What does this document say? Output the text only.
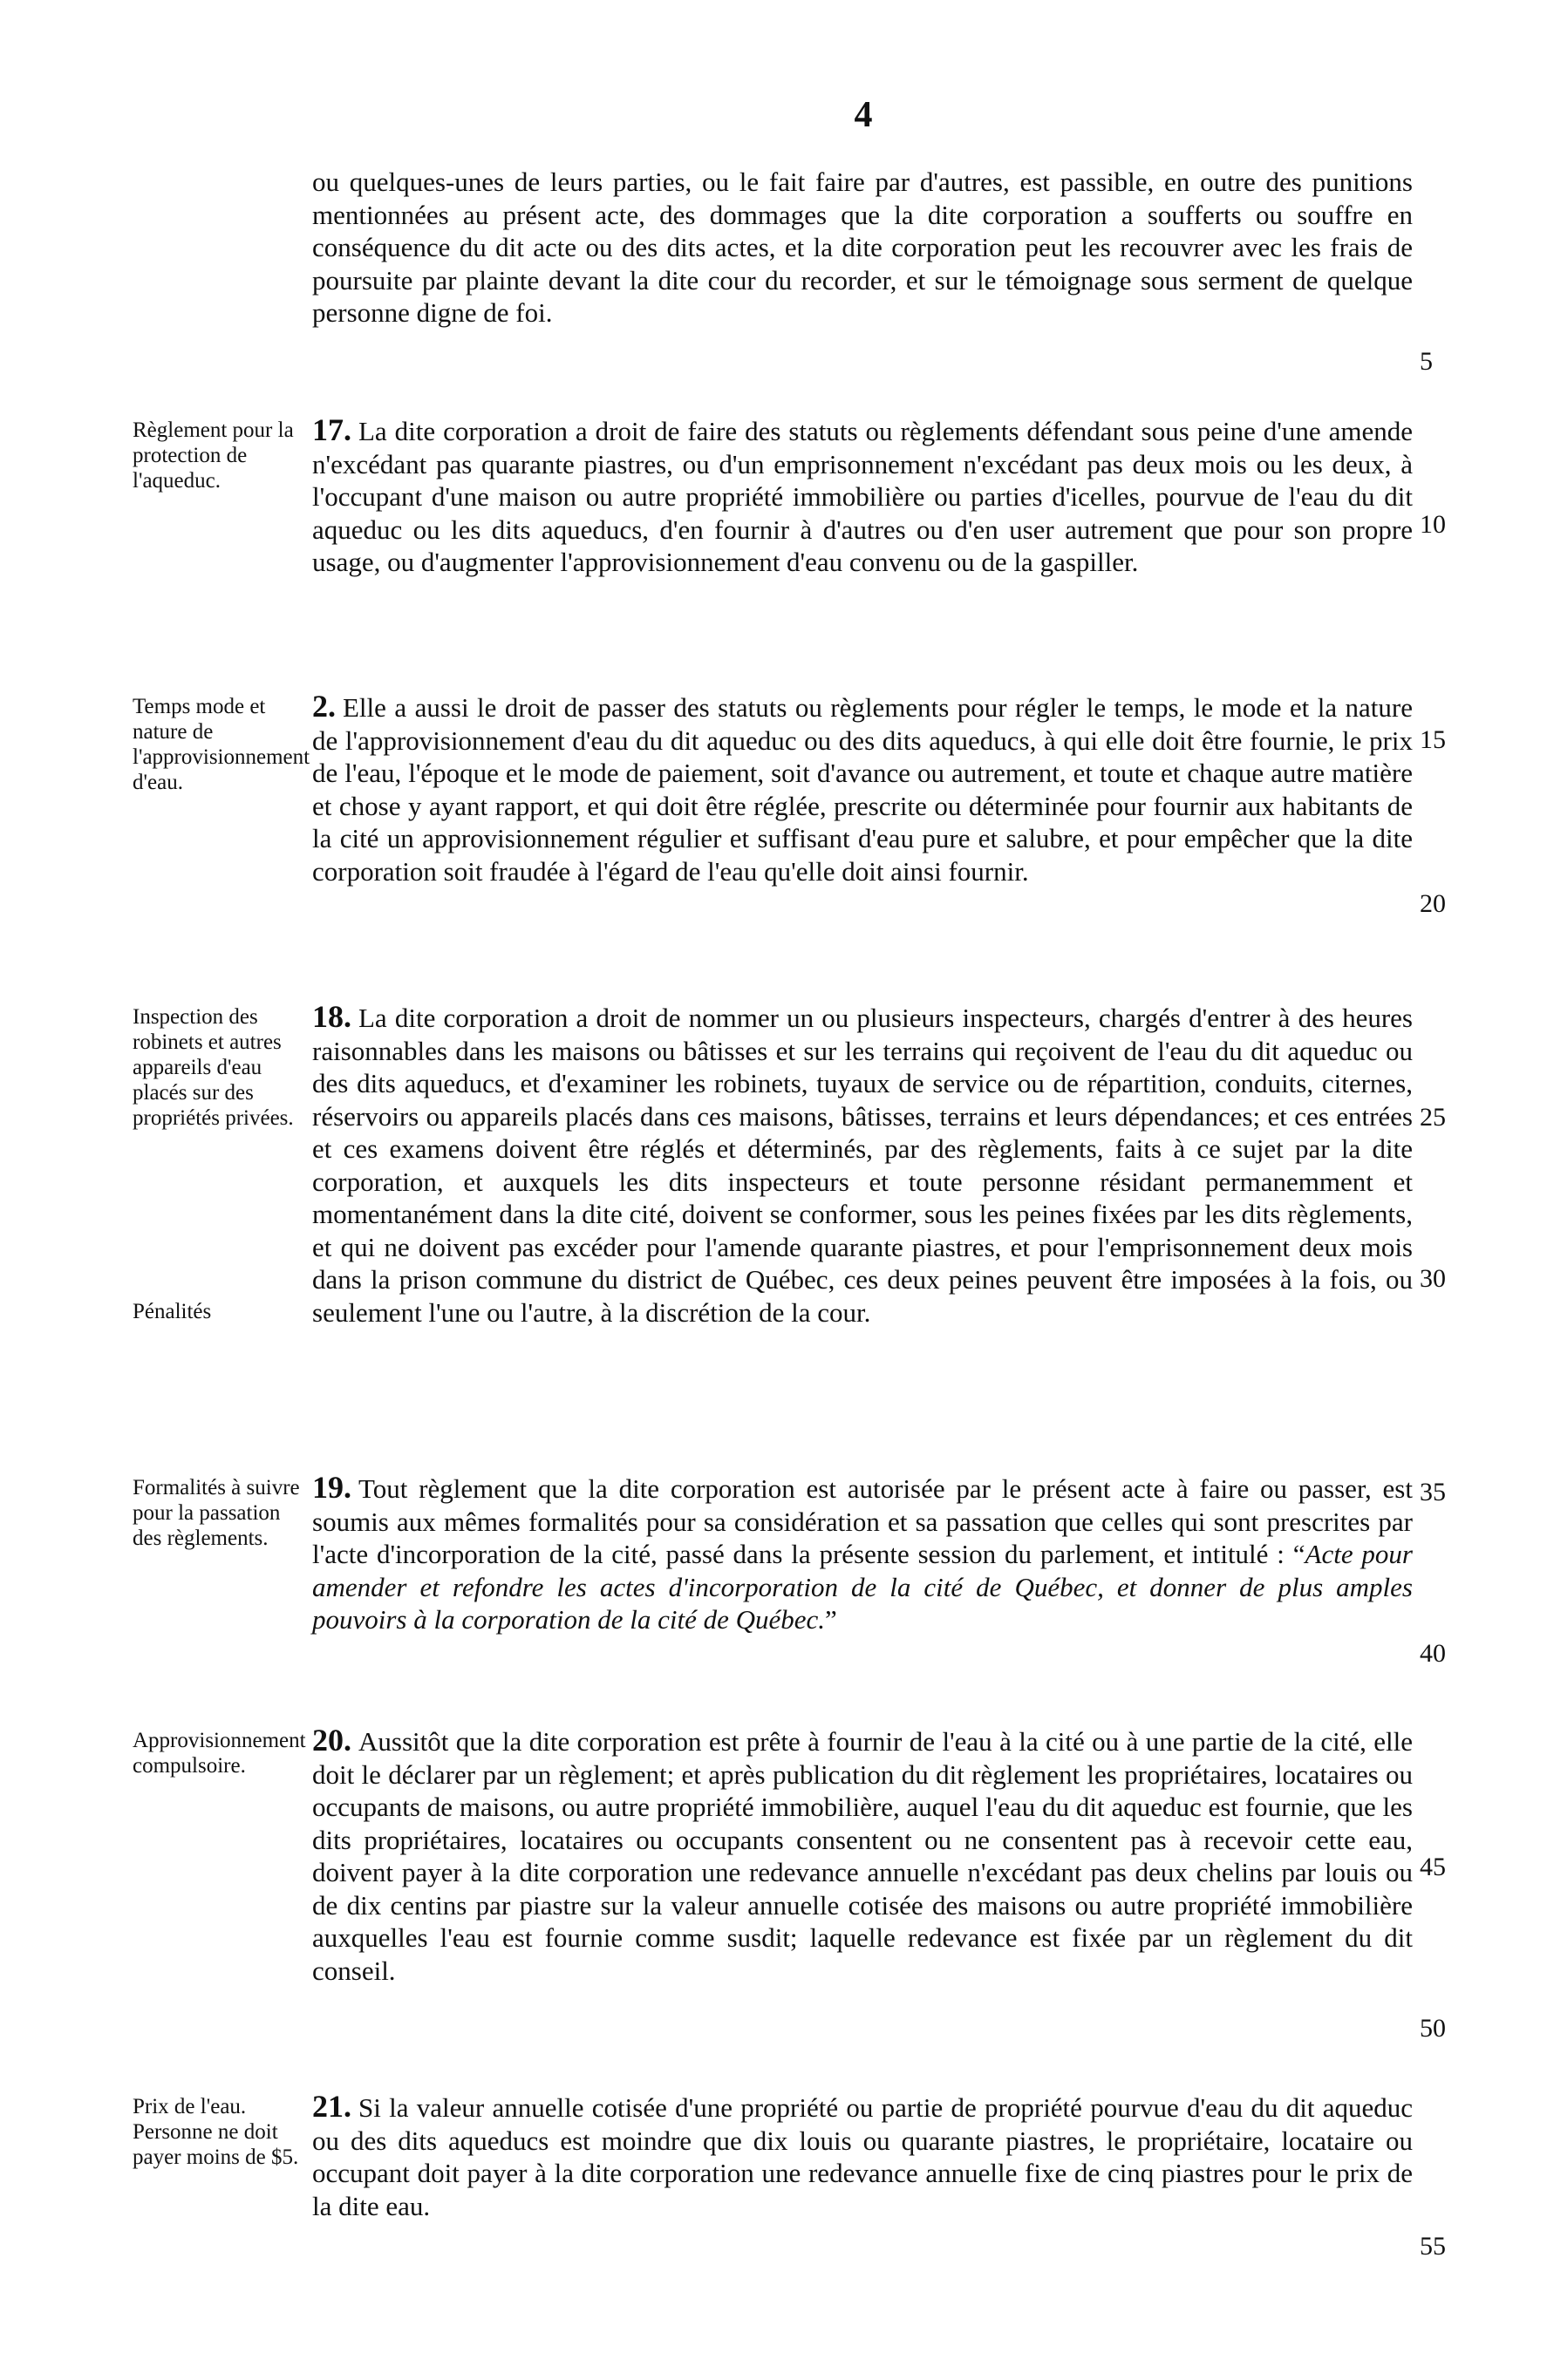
4
ou quelques-unes de leurs parties, ou le fait faire par d'autres, est passible, en outre des punitions mentionnées au présent acte, des dommages que la dite corporation a soufferts ou souffre en conséquence du dit acte ou des dits actes, et la dite corporation peut les recouvrer avec les frais de poursuite par plainte devant la dite cour du recorder, et sur le témoignage sous serment de quelque personne digne de foi.
Règlement pour la protection de l'aqueduc.
17. La dite corporation a droit de faire des statuts ou règlements défendant sous peine d'une amende n'excédant pas quarante piastres, ou d'un emprisonnement n'excédant pas deux mois ou les deux, à l'occupant d'une maison ou autre propriété immobilière ou parties d'icelles, pourvue de l'eau du dit aqueduc ou les dits aqueducs, d'en fournir à d'autres ou d'en user autrement que pour son propre usage, ou d'augmenter l'approvisionnement d'eau convenu ou de la gaspiller.
Temps mode et nature de l'approvisionnement d'eau.
2. Elle a aussi le droit de passer des statuts ou règlements pour régler le temps, le mode et la nature de l'approvisionnement d'eau du dit aqueduc ou des dits aqueducs, à qui elle doit être fournie, le prix de l'eau, l'époque et le mode de paiement, soit d'avance ou autrement, et toute et chaque autre matière et chose y ayant rapport, et qui doit être réglée, prescrite ou déterminée pour fournir aux habitants de la cité un approvisionnement régulier et suffisant d'eau pure et salubre, et pour empêcher que la dite corporation soit fraudée à l'égard de l'eau qu'elle doit ainsi fournir.
Inspection des robinets et autres appareils d'eau placés sur des propriétés privées.
Pénalités
18. La dite corporation a droit de nommer un ou plusieurs inspecteurs, chargés d'entrer à des heures raisonnables dans les maisons ou bâtisses et sur les terrains qui reçoivent de l'eau du dit aqueduc ou des dits aqueducs, et d'examiner les robinets, tuyaux de service ou de répartition, conduits, citernes, réservoirs ou appareils placés dans ces maisons, bâtisses, terrains et leurs dépendances; et ces entrées et ces examens doivent être réglés et déterminés, par des règlements, faits à ce sujet par la dite corporation, et auxquels les dits inspecteurs et toute personne résidant permanemment et momentanément dans la dite cité, doivent se conformer, sous les peines fixées par les dits règlements, et qui ne doivent pas excéder pour l'amende quarante piastres, et pour l'emprisonnement deux mois dans la prison commune du district de Québec, ces deux peines peuvent être imposées à la fois, ou seulement l'une ou l'autre, à la discrétion de la cour.
Formalités à suivre pour la passation des règlements.
19. Tout règlement que la dite corporation est autorisée par le présent acte à faire ou passer, est soumis aux mêmes formalités pour sa considération et sa passation que celles qui sont prescrites par l'acte d'incorporation de la cité, passé dans la présente session du parlement, et intitulé : “Acte pour amender et refondre les actes d'incorporation de la cité de Québec, et donner de plus amples pouvoirs à la corporation de la cité de Québec.”
Approvisionnement compulsoire.
20. Aussitôt que la dite corporation est prête à fournir de l'eau à la cité ou à une partie de la cité, elle doit le déclarer par un règlement; et après publication du dit règlement les propriétaires, locataires ou occupants de maisons, ou autre propriété immobilière, auquel l'eau du dit aqueduc est fournie, que les dits propriétaires, locataires ou occupants consentent ou ne consentent pas à recevoir cette eau, doivent payer à la dite corporation une redevance annuelle n'excédant pas deux chelins par louis ou de dix centins par piastre sur la valeur annuelle cotisée des maisons ou autre propriété immobilière auxquelles l'eau est fournie comme susdit; laquelle redevance est fixée par un règlement du dit conseil.
Prix de l'eau. Personne ne doit payer moins de $5.
21. Si la valeur annuelle cotisée d'une propriété ou partie de propriété pourvue d'eau du dit aqueduc ou des dits aqueducs est moindre que dix louis ou quarante piastres, le propriétaire, locataire ou occupant doit payer à la dite corporation une redevance annuelle fixe de cinq piastres pour le prix de la dite eau.
5
10
15
20
25
30
35
40
45
50
55
